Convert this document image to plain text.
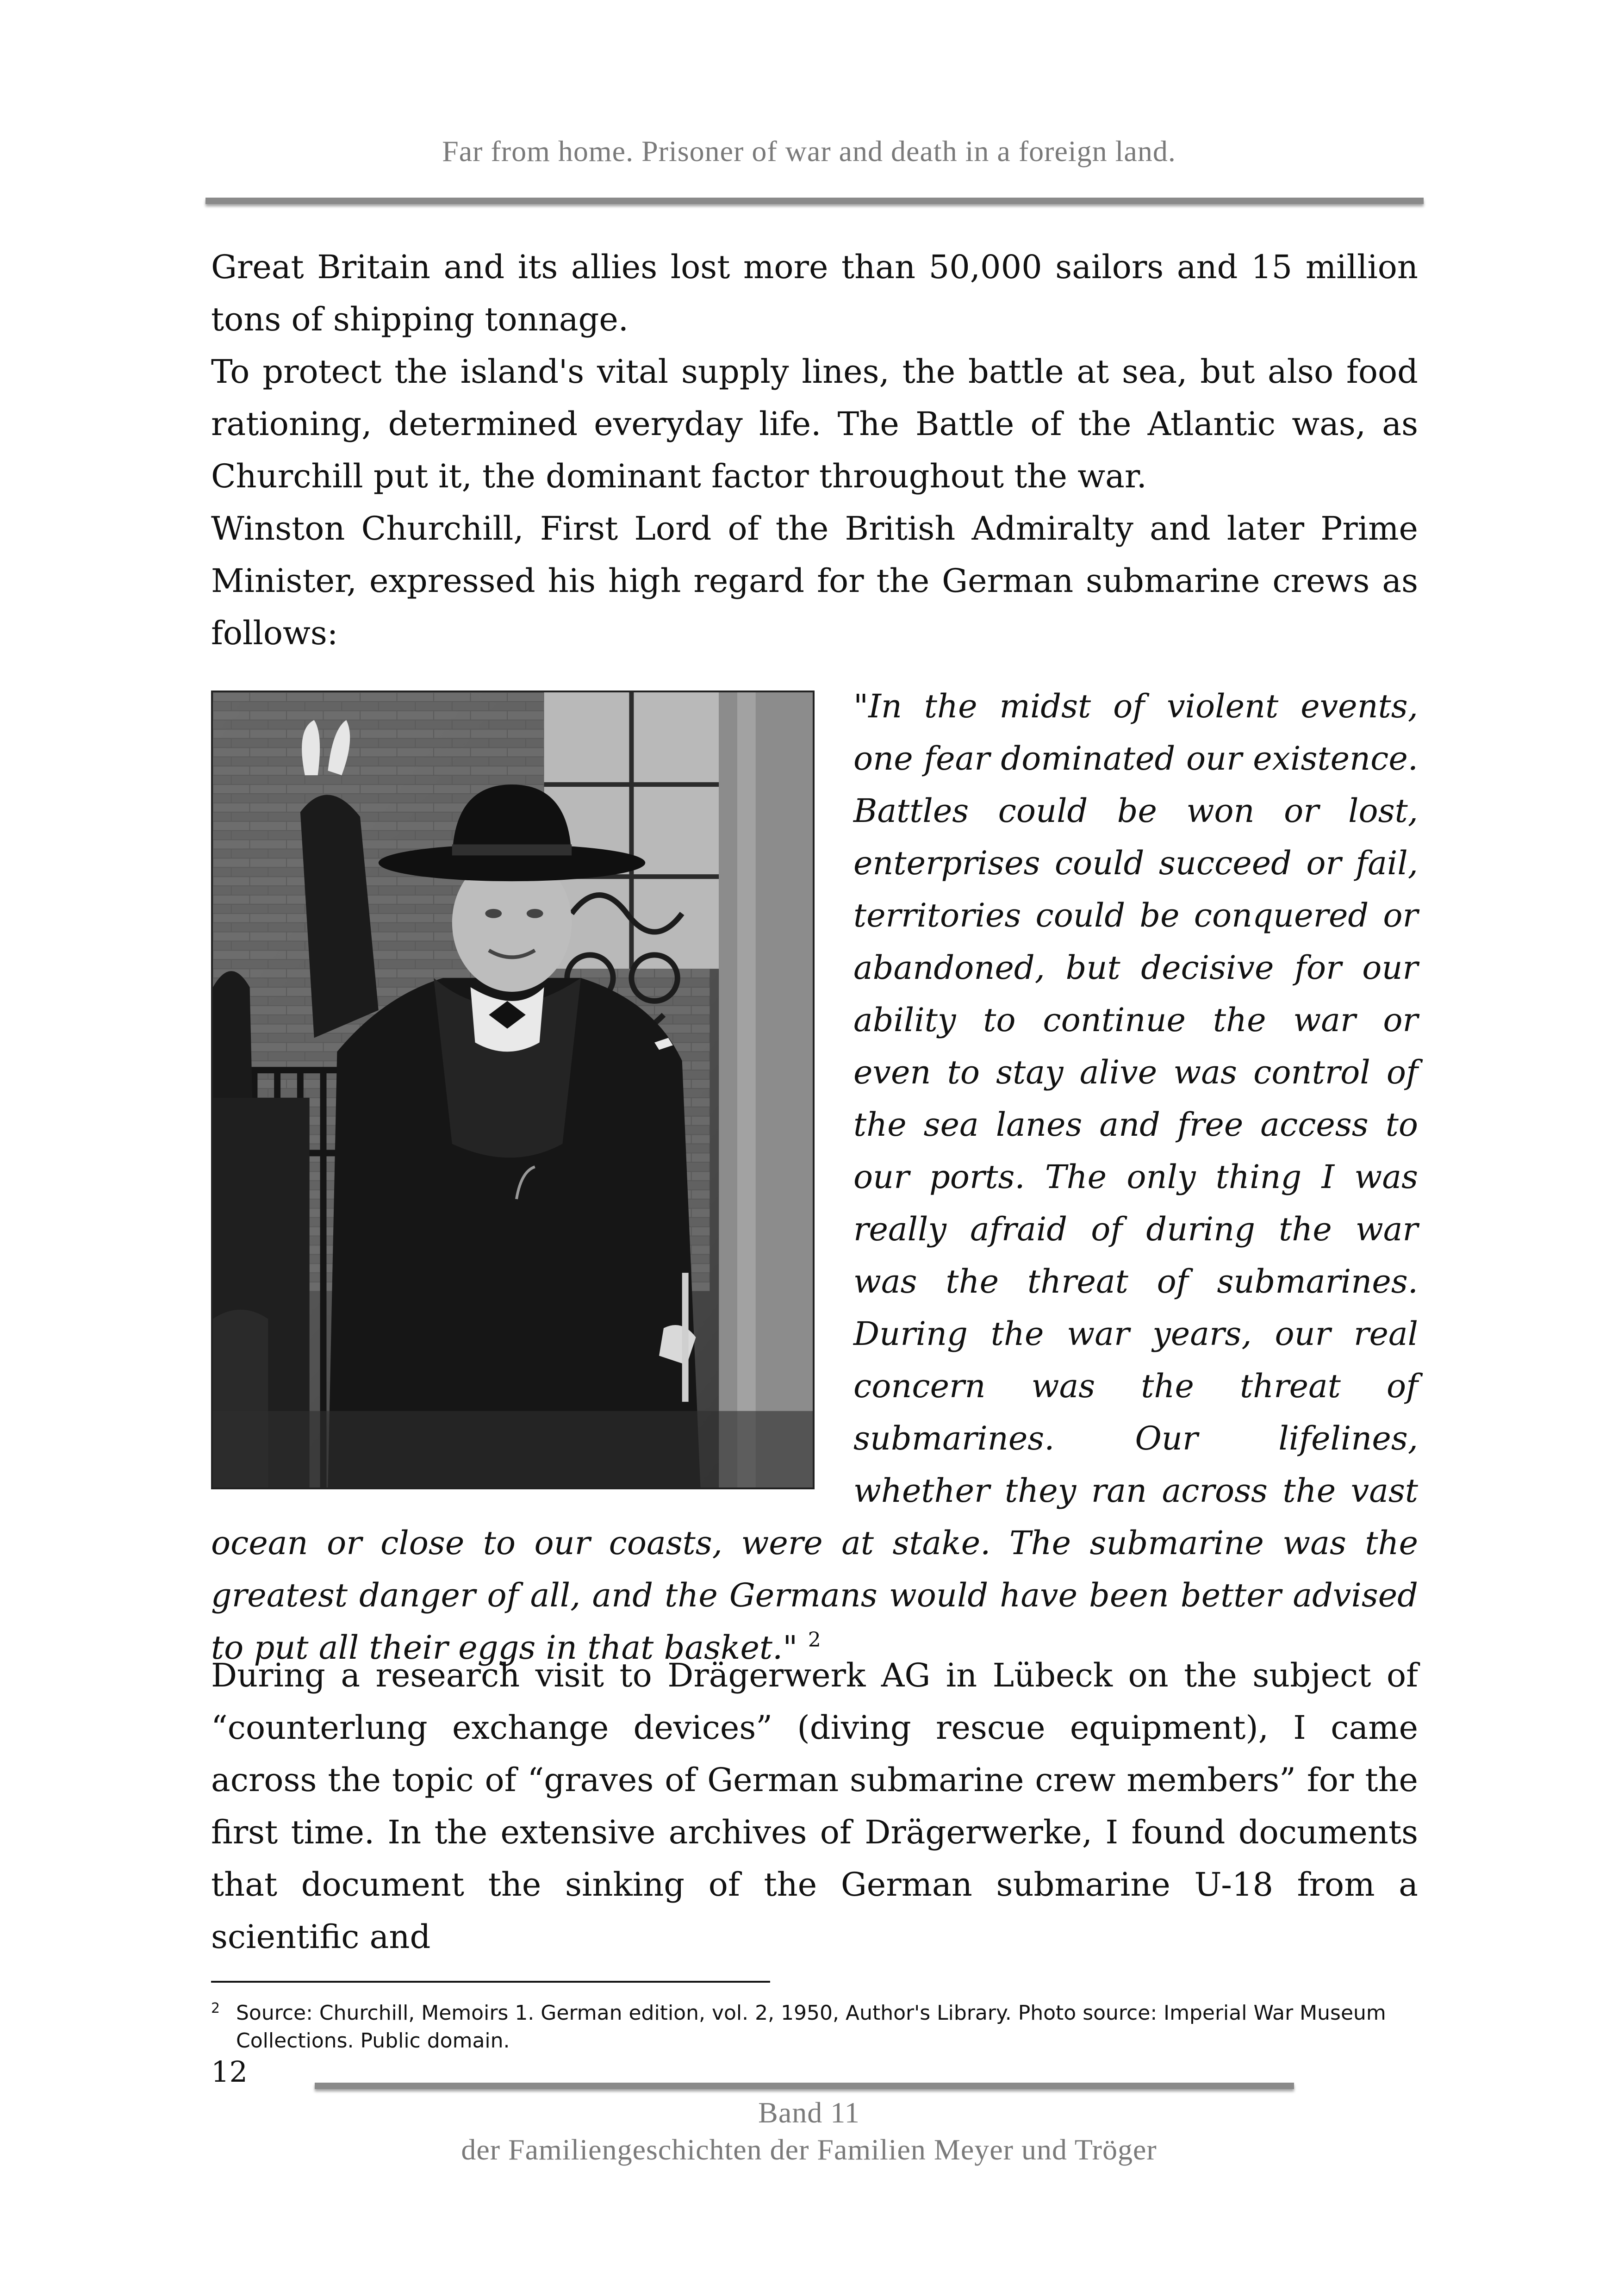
Far from home. Prisoner of war and death in a foreign land.
Great Britain and its allies lost more than 50,000 sailors and 15 million tons of shipping tonnage.
To protect the island's vital supply lines, the battle at sea, but also food rationing, determined everyday life. The Battle of the Atlantic was, as Churchill put it, the dominant factor throughout the war.
Winston Churchill, First Lord of the British Admiralty and later Prime Minister, expressed his high regard for the German submarine crews as follows:

"In the midst of violent events, one fear dominated our existence. Battles could be won or lost, enterprises could succeed or fail, territories could be conquered or abandoned, but decisive for our ability to continue the war or even to stay alive was control of the sea lanes and free access to our ports. The only thing I was really afraid of during the war was the threat of submarines. During the war years, our real concern was the threat of submarines. Our lifelines, whether they ran across the vast ocean or close to our coasts, were at stake. The submarine was the greatest danger of all, and the Germans would have been better advised to put all their eggs in that basket." $^2$

During a research visit to Drägerwerk AG in Lübeck on the subject of “counterlung exchange devices” (diving rescue equipment), I came across the topic of “graves of German submarine crew members” for the first time. In the extensive archives of Drägerwerke, I found documents that document the sinking of the German submarine U-18 from a scientific and
2 Source: Churchill, Memoirs 1. German edition, vol. 2, 1950, Author's Library. Photo source: Imperial War Museum Collections. Public domain.
12
Band 11
der Familiengeschichten der Familien Meyer und Tröger
